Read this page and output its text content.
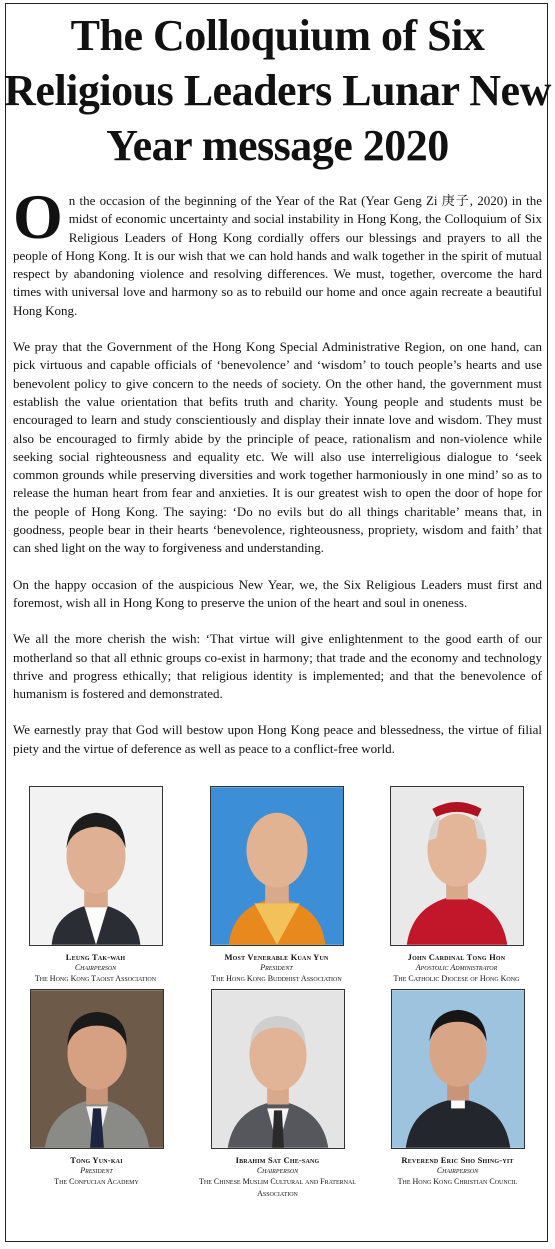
The Colloquium of Six Religious Leaders Lunar New Year message 2020

On the occasion of the beginning of the Year of the Rat (Year Geng Zi 庚子, 2020) in the midst of economic uncertainty and social instability in Hong Kong, the Colloquium of Six Religious Leaders of Hong Kong cordially offers our blessings and prayers to all the people of Hong Kong. It is our wish that we can hold hands and walk together in the spirit of mutual respect by abandoning violence and resolving differences. We must, together, overcome the hard times with universal love and harmony so as to rebuild our home and once again recreate a beautiful Hong Kong.

We pray that the Government of the Hong Kong Special Administrative Region, on one hand, can pick virtuous and capable officials of ‘benevolence’ and ‘wisdom’ to touch people’s hearts and use benevolent policy to give concern to the needs of society. On the other hand, the government must establish the value orientation that befits truth and charity. Young people and students must be encouraged to learn and study conscientiously and display their innate love and wisdom. They must also be encouraged to firmly abide by the principle of peace, rationalism and non-violence while seeking social righteousness and equality etc. We will also use interreligious dialogue to ‘seek common grounds while preserving diversities and work together harmoniously in one mind’ so as to release the human heart from fear and anxieties. It is our greatest wish to open the door of hope for the people of Hong Kong. The saying: ‘Do no evils but do all things charitable’ means that, in goodness, people bear in their hearts ‘benevolence, righteousness, propriety, wisdom and faith’ that can shed light on the way to forgiveness and understanding.

On the happy occasion of the auspicious New Year, we, the Six Religious Leaders must first and foremost, wish all in Hong Kong to preserve the union of the heart and soul in oneness.

We all the more cherish the wish: ‘That virtue will give enlightenment to the good earth of our motherland so that all ethnic groups co-exist in harmony; that trade and the economy and technology thrive and progress ethically; that religious identity is implemented; and that the benevolence of humanism is fostered and demonstrated.

We earnestly pray that God will bestow upon Hong Kong peace and blessedness, the virtue of filial piety and the virtue of deference as well as peace to a conflict-free world.

Leung Tak-wah
Chairperson
The Hong Kong Taoist Association
Most Venerable Kuan Yun
President
The Hong Kong Buddhist Association
John Cardinal Tong Hon
Apostolic Administrator
The Catholic Diocese of Hong Kong
Tong Yun-kai
President
The Confucian Academy
Ibrahim Sat Che-sang
Chairperson
The Chinese Muslim Cultural and Fraternal Association
Reverend Eric Sho Shing-yit
Chairperson
The Hong Kong Christian Council
